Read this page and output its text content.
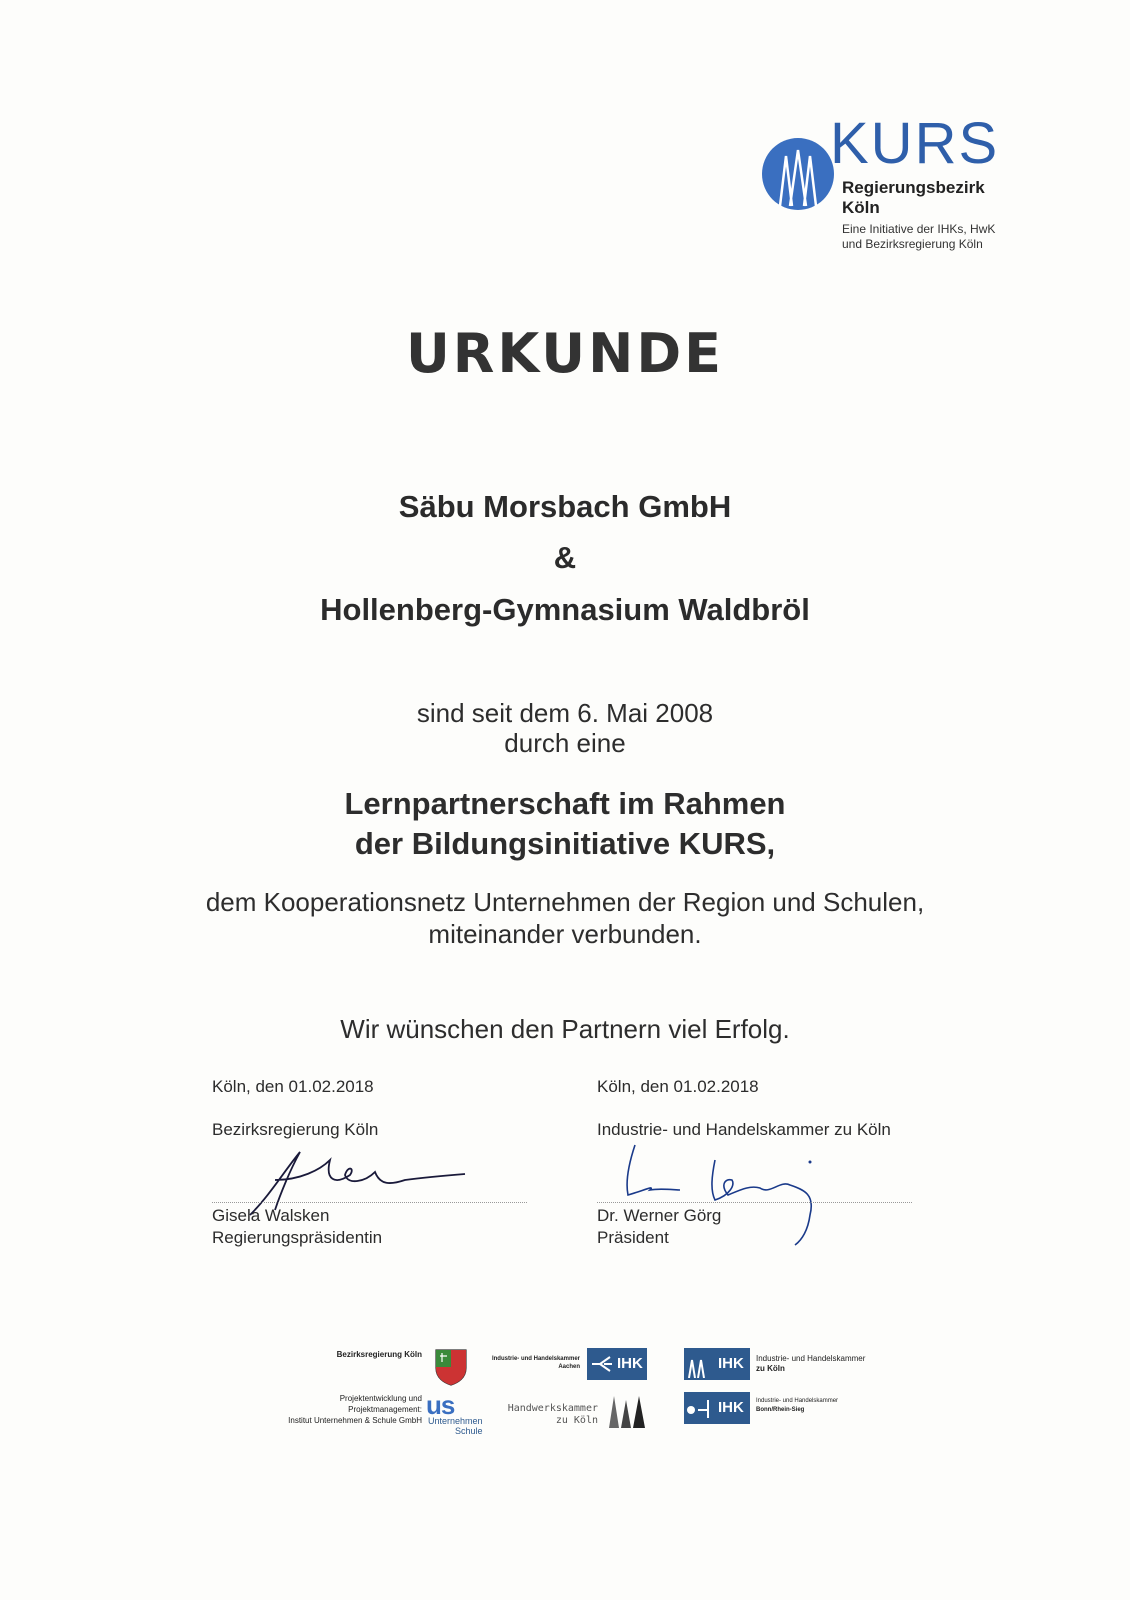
KURS
Regierungsbezirk
Köln
Eine Initiative der IHKs, HwK
und Bezirksregierung Köln
URKUNDE
Säbu Morsbach GmbH
&
Hollenberg-Gymnasium Waldbröl
sind seit dem 6. Mai 2008
durch eine
Lernpartnerschaft im Rahmen
der Bildungsinitiative KURS,
dem Kooperationsnetz Unternehmen der Region und Schulen,
miteinander verbunden.
Wir wünschen den Partnern viel Erfolg.
Köln, den 01.02.2018
Bezirksregierung Köln
Gisela Walsken
Regierungspräsidentin
Köln, den 01.02.2018
Industrie- und Handelskammer zu Köln
Dr. Werner Görg
Präsident
Bezirksregierung Köln
Projektentwicklung und
Projektmanagement:
Institut Unternehmen & Schule GmbH
us
Unternehmen
Schule
Industrie- und Handelskammer
Aachen IHK
Handwerkskammer
zu Köln
IHK Industrie- und Handelskammer
zu Köln
IHK Industrie- und Handelskammer
Bonn/Rhein-Sieg
